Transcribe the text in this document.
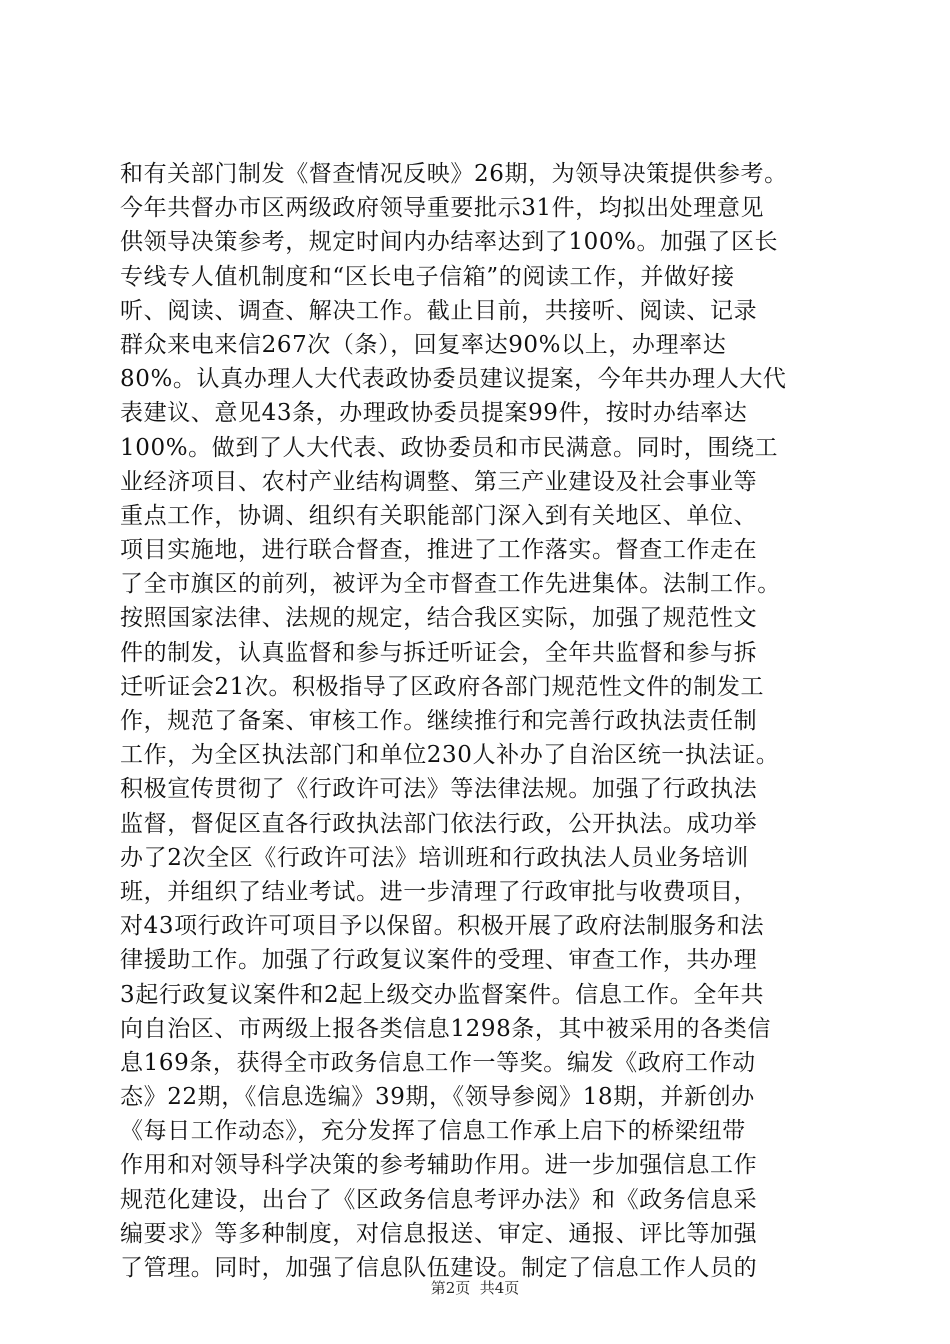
和有关部门制发《督查情况反映》26期，为领导决策提供参考。
今年共督办市区两级政府领导重要批示31件，均拟出处理意见
供领导决策参考，规定时间内办结率达到了100%。加强了区长
专线专人值机制度和“区长电子信箱”的阅读工作，并做好接
听、阅读、调查、解决工作。截止目前，共接听、阅读、记录
群众来电来信267次（条），回复率达90%以上，办理率达
80%。认真办理人大代表政协委员建议提案，今年共办理人大代
表建议、意见43条，办理政协委员提案99件，按时办结率达
100%。做到了人大代表、政协委员和市民满意。同时，围绕工
业经济项目、农村产业结构调整、第三产业建设及社会事业等
重点工作，协调、组织有关职能部门深入到有关地区、单位、
项目实施地，进行联合督查，推进了工作落实。督查工作走在
了全市旗区的前列，被评为全市督查工作先进集体。法制工作。
按照国家法律、法规的规定，结合我区实际，加强了规范性文
件的制发，认真监督和参与拆迁听证会，全年共监督和参与拆
迁听证会21次。积极指导了区政府各部门规范性文件的制发工
作，规范了备案、审核工作。继续推行和完善行政执法责任制
工作，为全区执法部门和单位230人补办了自治区统一执法证。
积极宣传贯彻了《行政许可法》等法律法规。加强了行政执法
监督，督促区直各行政执法部门依法行政，公开执法。成功举
办了2次全区《行政许可法》培训班和行政执法人员业务培训
班，并组织了结业考试。进一步清理了行政审批与收费项目，
对43项行政许可项目予以保留。积极开展了政府法制服务和法
律援助工作。加强了行政复议案件的受理、审查工作，共办理
3起行政复议案件和2起上级交办监督案件。信息工作。全年共
向自治区、市两级上报各类信息1298条，其中被采用的各类信
息169条，获得全市政务信息工作一等奖。编发《政府工作动
态》22期，《信息选编》39期，《领导参阅》18期，并新创办
《每日工作动态》，充分发挥了信息工作承上启下的桥梁纽带
作用和对领导科学决策的参考辅助作用。进一步加强信息工作
规范化建设，出台了《区政务信息考评办法》和《政务信息采
编要求》等多种制度，对信息报送、审定、通报、评比等加强
了管理。同时，加强了信息队伍建设。制定了信息工作人员的
第2页  共4页
